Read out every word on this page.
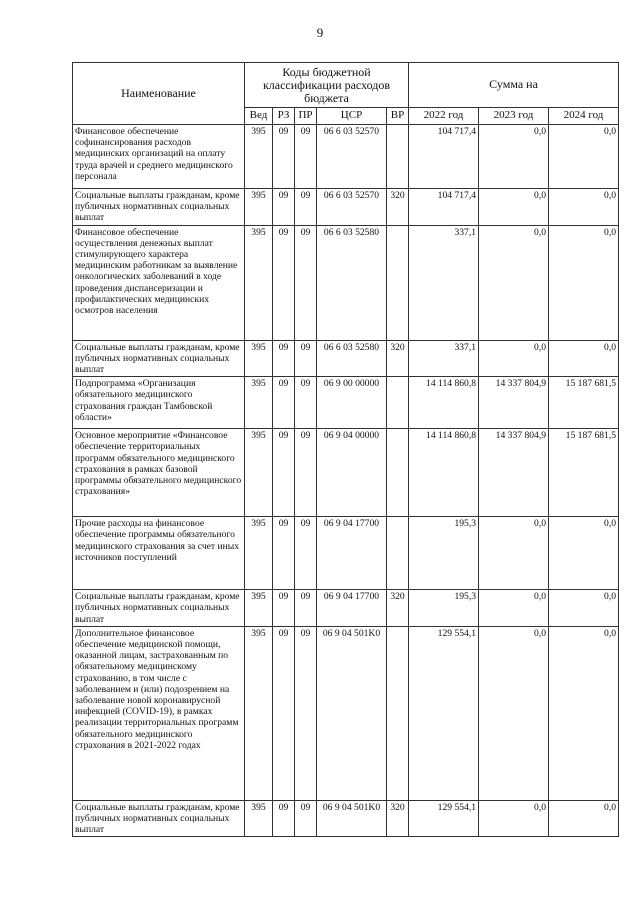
9
Наименование	Коды бюджетной классификации расходов бюджета					Сумма на		
	Вед	РЗ	ПР	ЦСР	ВР	2022 год	2023 год	2024 год
Финансовое обеспечение софинансирования расходов медицинских организаций на оплату труда врачей и среднего медицинского персонала	395	09	09	06 6 03 52570		104 717,4	0,0	0,0
Социальные выплаты гражданам, кроме публичных нормативных социальных выплат	395	09	09	06 6 03 52570	320	104 717,4	0,0	0,0
Финансовое обеспечение осуществления денежных выплат стимулирующего характера медицинским работникам за выявление онкологических заболеваний в ходе проведения диспансеризации и профилактических медицинских осмотров населения	395	09	09	06 6 03 52580		337,1	0,0	0,0
Социальные выплаты гражданам, кроме публичных нормативных социальных выплат	395	09	09	06 6 03 52580	320	337,1	0,0	0,0
Подпрограмма «Организация обязательного медицинского страхования граждан Тамбовской области»	395	09	09	06 9 00 00000		14 114 860,8	14 337 804,9	15 187 681,5
Основное мероприятие «Финансовое обеспечение территориальных программ обязательного медицинского страхования в рамках базовой программы обязательного медицинского страхования»	395	09	09	06 9 04 00000		14 114 860,8	14 337 804,9	15 187 681,5
Прочие расходы на финансовое обеспечение программы обязательного медицинского страхования за счет иных источников поступлений	395	09	09	06 9 04 17700		195,3	0,0	0,0
Социальные выплаты гражданам, кроме публичных нормативных социальных выплат	395	09	09	06 9 04 17700	320	195,3	0,0	0,0
Дополнительное финансовое обеспечение медицинской помощи, оказанной лицам, застрахованным по обязательному медицинскому страхованию, в том числе с заболеванием и (или) подозрением на заболевание новой коронавирусной инфекцией (COVID-19), в рамках реализации территориальных программ обязательного медицинского страхования в 2021-2022 годах	395	09	09	06 9 04 501K0		129 554,1	0,0	0,0
Социальные выплаты гражданам, кроме публичных нормативных социальных выплат	395	09	09	06 9 04 501K0	320	129 554,1	0,0	0,0
